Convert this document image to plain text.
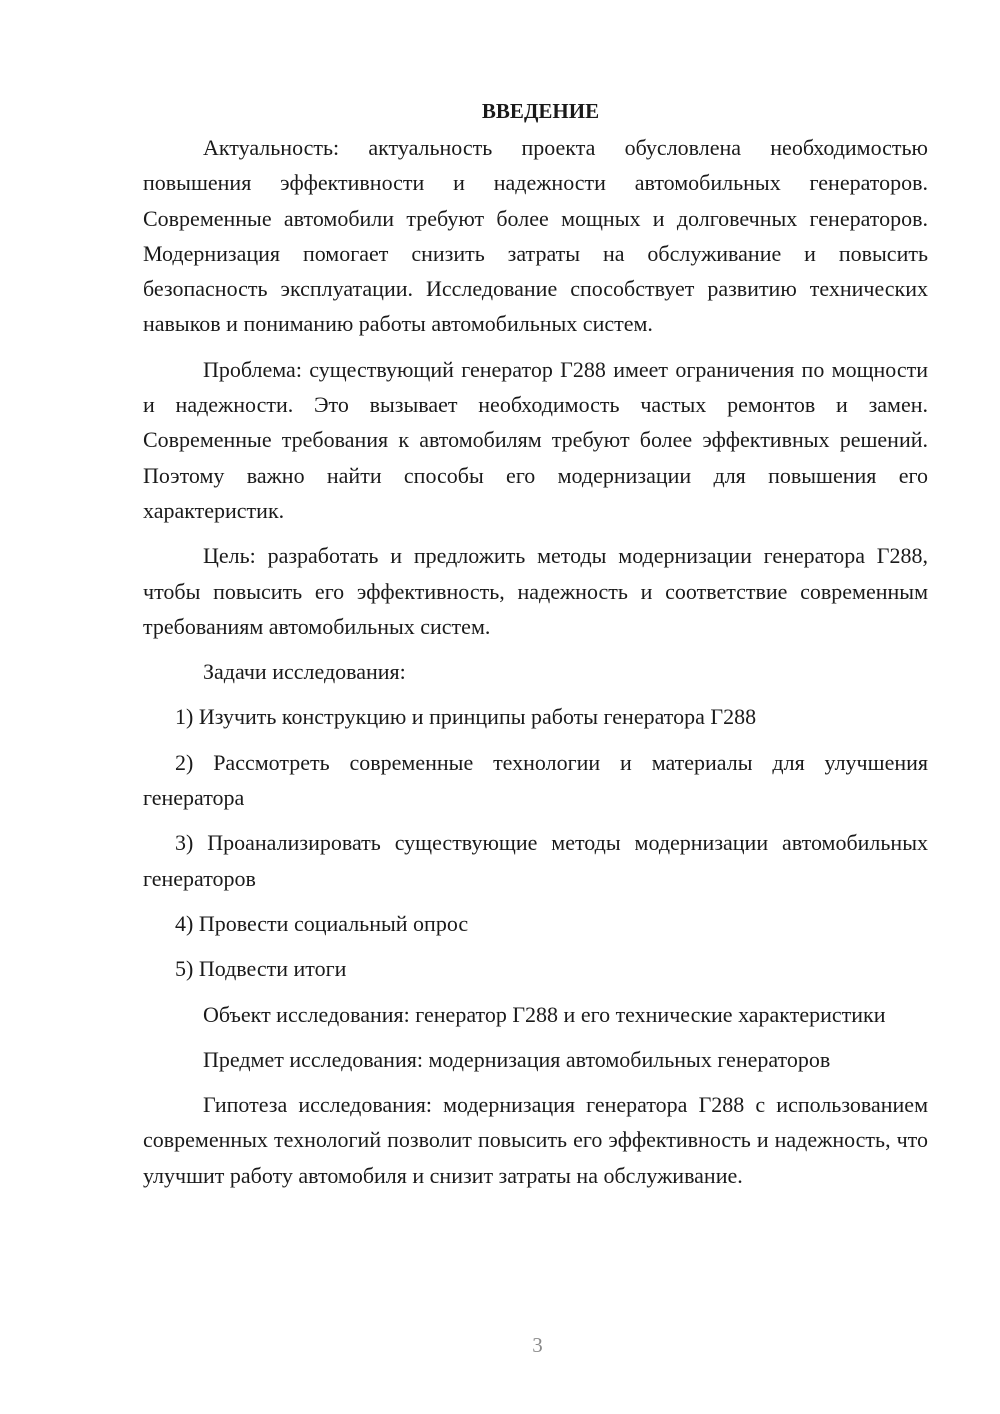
ВВЕДЕНИЕ

Актуальность: актуальность проекта обусловлена необходимостью повышения эффективности и надежности автомобильных генераторов. Современные автомобили требуют более мощных и долговечных генераторов. Модернизация помогает снизить затраты на обслуживание и повысить безопасность эксплуатации. Исследование способствует развитию технических навыков и пониманию работы автомобильных систем.

Проблема: существующий генератор Г288 имеет ограничения по мощности и надежности. Это вызывает необходимость частых ремонтов и замен. Современные требования к автомобилям требуют более эффективных решений. Поэтому важно найти способы его модернизации для повышения его характеристик.

Цель: разработать и предложить методы модернизации генератора Г288, чтобы повысить его эффективность, надежность и соответствие современным требованиям автомобильных систем.

Задачи исследования:

1) Изучить конструкцию и принципы работы генератора Г288

2) Рассмотреть современные технологии и материалы для улучшения генератора

3) Проанализировать существующие методы модернизации автомобильных генераторов

4) Провести социальный опрос

5) Подвести итоги

Объект исследования: генератор Г288 и его технические характеристики

Предмет исследования: модернизация автомобильных генераторов

Гипотеза исследования: модернизация генератора Г288 с использованием современных технологий позволит повысить его эффективность и надежность, что улучшит работу автомобиля и снизит затраты на обслуживание.

3
